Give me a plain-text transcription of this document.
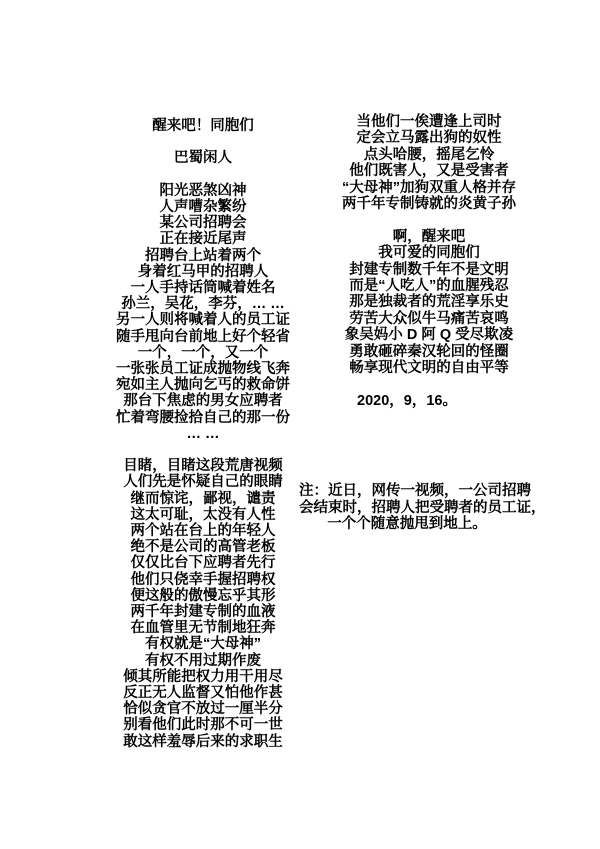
醒来吧！同胞们
巴蜀闲人
阳光恶煞凶神
人声嘈杂繁纷
某公司招聘会
正在接近尾声
招聘台上站着两个
身着红马甲的招聘人
一人手持话筒喊着姓名
孙兰，吴花，李芬，… …
另一人则将喊着人的员工证
随手甩向台前地上好个轻省
一个，一个，又一个
一张张员工证成抛物线飞奔
宛如主人抛向乞丐的救命饼
那台下焦虑的男女应聘者
忙着弯腰捡拾自己的那一份
… …
目睹，目睹这段荒唐视频
人们先是怀疑自己的眼睛
继而惊诧，鄙视，谴责
这太可耻，太没有人性
两个站在台上的年轻人
绝不是公司的高管老板
仅仅比台下应聘者先行
他们只侥幸手握招聘权
便这般的傲慢忘乎其形
两千年封建专制的血液
在血管里无节制地狂奔
有权就是“大母神”
有权不用过期作废
倾其所能把权力用干用尽
反正无人监督又怕他作甚
恰似贪官不放过一厘半分
别看他们此时那不可一世
敢这样羞辱后来的求职生
当他们一俟遭逢上司时
定会立马露出狗的奴性
点头哈腰，摇尾乞怜
他们既害人，又是受害者
“大母神”加狗双重人格并存
两千年专制铸就的炎黄子孙
啊，醒来吧
我可爱的同胞们
封建专制数千年不是文明
而是“人吃人”的血腥残忍
那是独裁者的荒淫享乐史
劳苦大众似牛马痛苦哀鸣
象吴妈小 D 阿 Q 受尽欺凌
勇敢砸碎秦汉轮回的怪圈
畅享现代文明的自由平等
2020，9，16。
注：近日，网传一视频，一公司招聘
会结束时，招聘人把受聘者的员工证，
一个个随意抛甩到地上。
